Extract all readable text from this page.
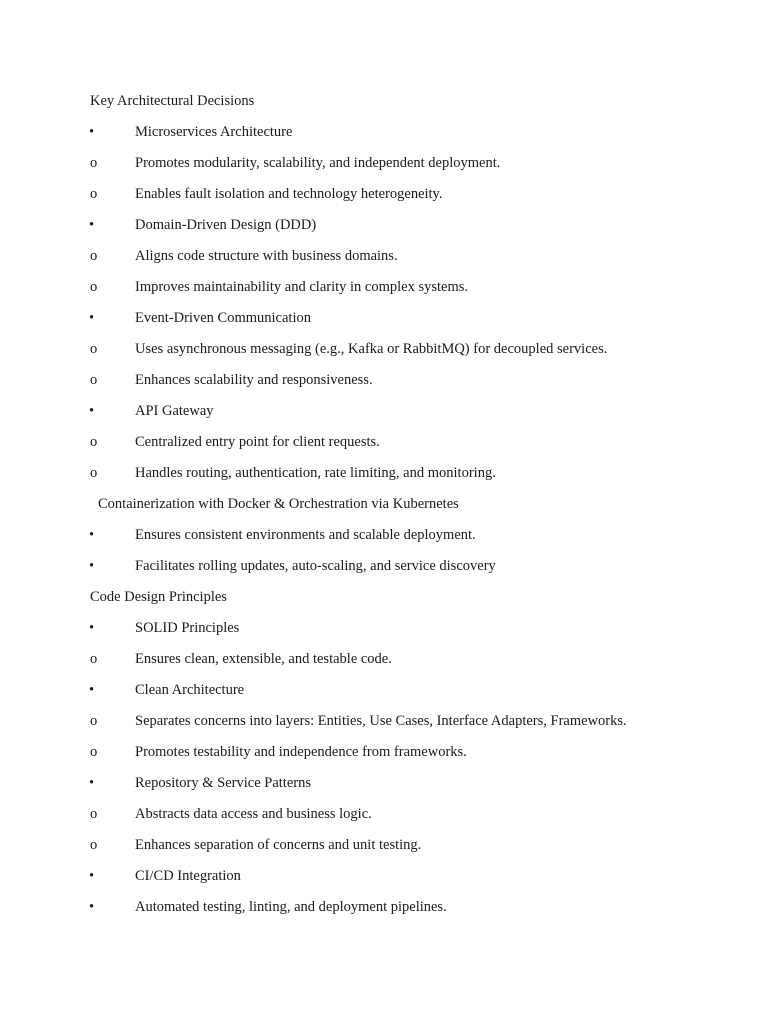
Key Architectural Decisions
•	Microservices Architecture
o	Promotes modularity, scalability, and independent deployment.
o	Enables fault isolation and technology heterogeneity.
•	Domain-Driven Design (DDD)
o	Aligns code structure with business domains.
o	Improves maintainability and clarity in complex systems.
•	Event-Driven Communication
o	Uses asynchronous messaging (e.g., Kafka or RabbitMQ) for decoupled services.
o	Enhances scalability and responsiveness.
•	API Gateway
o	Centralized entry point for client requests.
o	Handles routing, authentication, rate limiting, and monitoring.
Containerization with Docker & Orchestration via Kubernetes
•	Ensures consistent environments and scalable deployment.
•	Facilitates rolling updates, auto-scaling, and service discovery
Code Design Principles
•	SOLID Principles
o	Ensures clean, extensible, and testable code.
•	Clean Architecture
o	Separates concerns into layers: Entities, Use Cases, Interface Adapters, Frameworks.
o	Promotes testability and independence from frameworks.
•	Repository & Service Patterns
o	Abstracts data access and business logic.
o	Enhances separation of concerns and unit testing.
•	CI/CD Integration
•	Automated testing, linting, and deployment pipelines.
